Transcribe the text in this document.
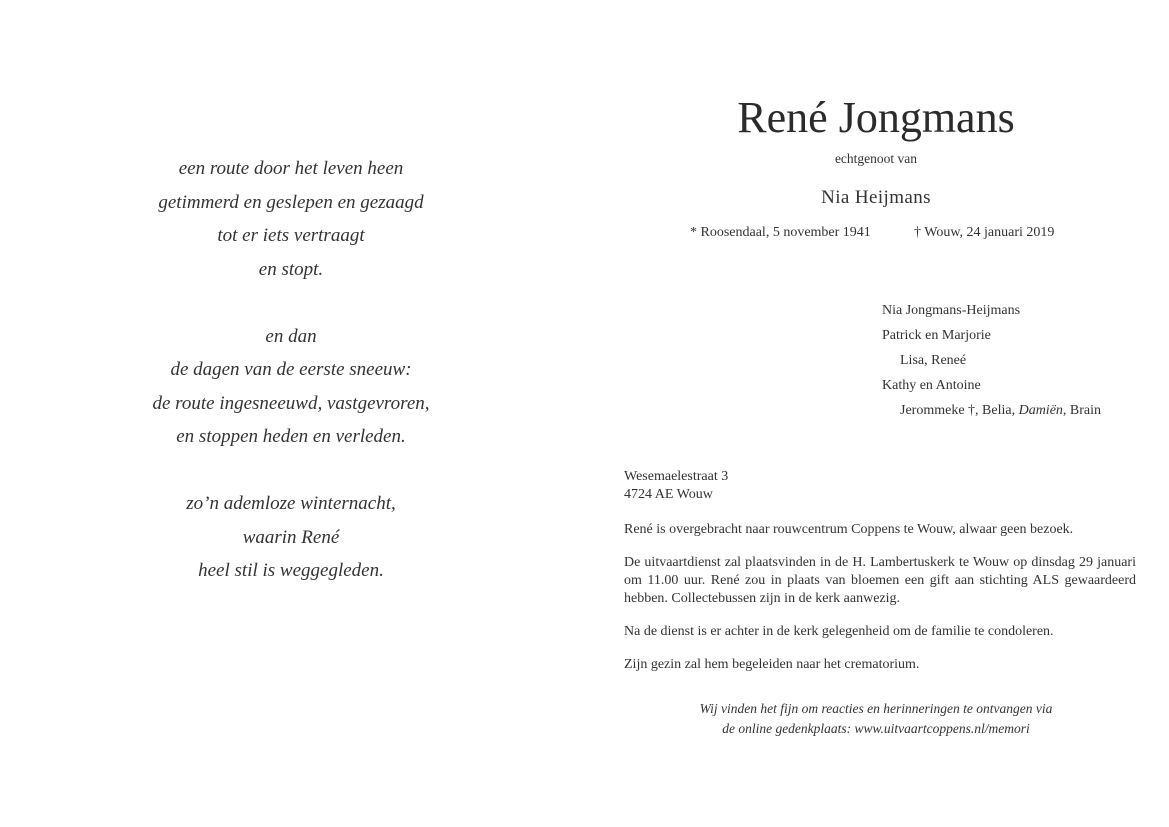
een route door het leven heen
getimmerd en geslepen en gezaagd
tot er iets vertraagt
en stopt.
en dan
de dagen van de eerste sneeuw:
de route ingesneeuwd, vastgevroren,
en stoppen heden en verleden.
zo’n ademloze winternacht,
waarin René
heel stil is weggegleden.
René Jongmans
echtgenoot van
Nia Heijmans
* Roosendaal, 5 november 1941	† Wouw, 24 januari 2019
Nia Jongmans-Heijmans
Patrick en Marjorie
Lisa, Reneé
Kathy en Antoine
Jerommeke †, Belia, Damiën, Brain

Wesemaelestraat 3
4724 AE Wouw

René is overgebracht naar rouwcentrum Coppens te Wouw, alwaar geen bezoek.

De uitvaartdienst zal plaatsvinden in de H. Lambertuskerk te Wouw op dinsdag 29 januari om 11.00 uur. René zou in plaats van bloemen een gift aan stichting ALS gewaardeerd hebben. Collectebussen zijn in de kerk aanwezig.

Na de dienst is er achter in de kerk gelegenheid om de familie te condoleren.

Zijn gezin zal hem begeleiden naar het crematorium.

Wij vinden het fijn om reacties en herinneringen te ontvangen via
de online gedenkplaats: www.uitvaartcoppens.nl/memori
